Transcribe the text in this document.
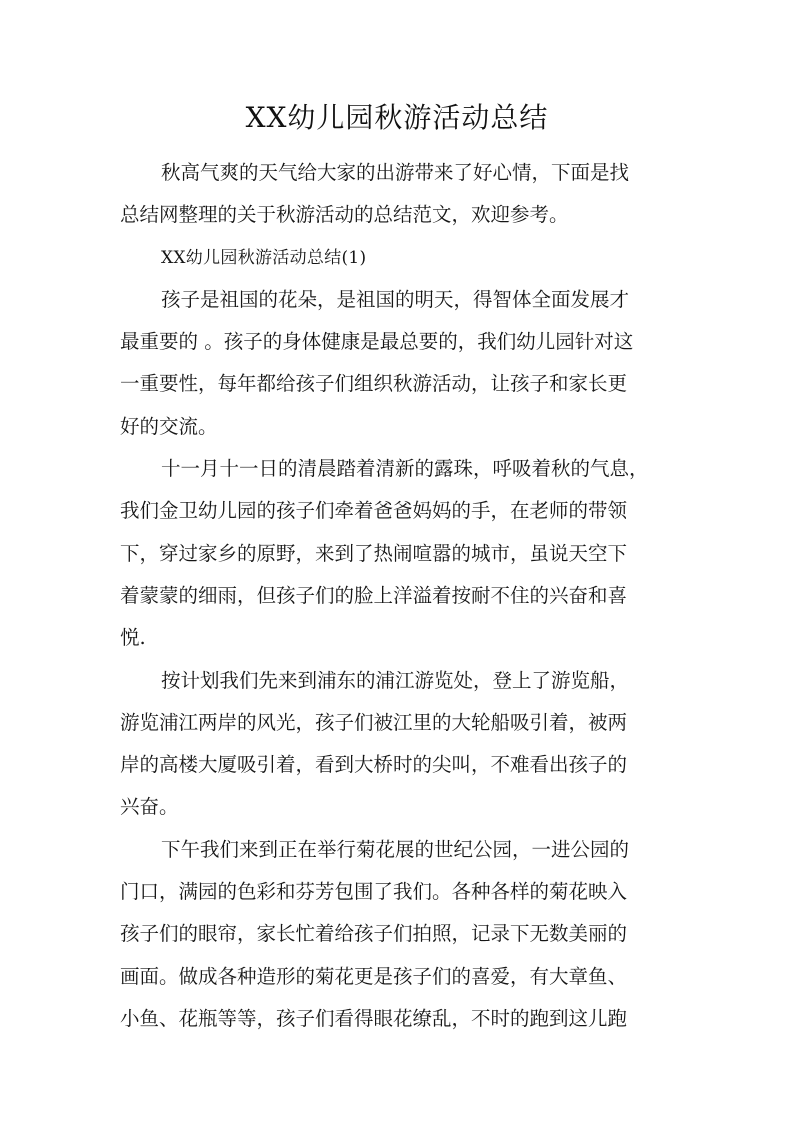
XX幼儿园秋游活动总结
秋高气爽的天气给大家的出游带来了好心情，下面是找
总结网整理的关于秋游活动的总结范文，欢迎参考。
XX幼儿园秋游活动总结(1)
孩子是祖国的花朵，是祖国的明天，得智体全面发展才
最重要的 。孩子的身体健康是最总要的，我们幼儿园针对这
一重要性，每年都给孩子们组织秋游活动，让孩子和家长更
好的交流。
十一月十一日的清晨踏着清新的露珠，呼吸着秋的气息，
我们金卫幼儿园的孩子们牵着爸爸妈妈的手，在老师的带领
下，穿过家乡的原野，来到了热闹喧嚣的城市，虽说天空下
着蒙蒙的细雨，但孩子们的脸上洋溢着按耐不住的兴奋和喜
悦.
按计划我们先来到浦东的浦江游览处，登上了游览船，
游览浦江两岸的风光，孩子们被江里的大轮船吸引着，被两
岸的高楼大厦吸引着，看到大桥时的尖叫，不难看出孩子的
兴奋。
下午我们来到正在举行菊花展的世纪公园，一进公园的
门口，满园的色彩和芬芳包围了我们。各种各样的菊花映入
孩子们的眼帘，家长忙着给孩子们拍照，记录下无数美丽的
画面。做成各种造形的菊花更是孩子们的喜爱，有大章鱼、
小鱼、花瓶等等，孩子们看得眼花缭乱，不时的跑到这儿跑
